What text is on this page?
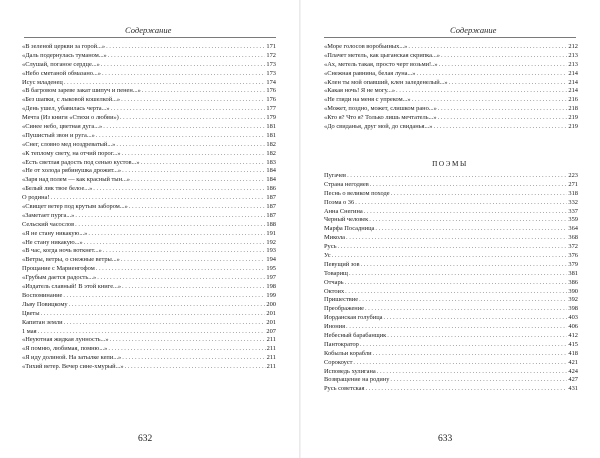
Содержание
«В зеленой церкви за горой...» . . .	171
«Даль подернулась туманом...» . . .	172
«Слушай, поганое сердце...» . . .	173
«Небо сметаной обмазано...» . . .	173
Исус младенец . . .	174
«В багровом зареве закат шипуч и пенен...» . . .	176
«Без шапки, с лыковой кошелкой...» . . .	176
«День ушел, убавилась черта...» . . .	177
Мечта (Из книги «Стихи о любви») . . .	179
«Синее небо, цветная дуга...» . . .	181
«Пушистый звон и руга...» . . .	181
«Снег, словно мед ноздреватый...» . . .	182
«К теплому свету, на отчий порог...» . . .	182
«Есть светлая радость под сенью кустов...» . . .	183
«Не от холода рябинушка дрожит...» . . .	184
«Заря над полем — как красный тын...» . . .	184
«Белый лик твое белое...» . . .	186
О родина! . . .	187
«Свищет ветер под крутым забором...» . . .	187
«Заметает пурга...» . . .	187
Сельский часослов . . .	188
«Я не стану никакую...» . . .	191
«Не стану никакую...» . . .	192
«В час, когда ночь воткнет...» . . .	193
«Ветры, ветры, о снежные ветры...» . . .	194
Прощание с Мариенгофом . . .	195
«Грубым дается радость...» . . .	197
«Издатель славный! В этой книге...» . . .	198
Воспоминание . . .	199
Льву Повицкому . . .	200
Цветы . . .	201
Капитан земли . . .	201
1 мая . . .	207
«Неуютная жидкая лунность...» . . .	211
«Я помню, любимая, помню...» . . .	211
«Я иду долиной. На затылке кепи...» . . .	211
«Тихий ветер. Вечер сине-хмурый...» . . .	211
632
Содержание
«Море голосов воробьиных...» . . .	212
«Плачет метель, как цыганская скрипка...» . . .	213
«Ах, метель такая, просто черт возьми!..» . . .	213
«Снежная равнина, белая луна...» . . .	214
«Клен ты мой опавший, клен заледенелый...» . . .	214
«Какая ночь! Я не могу...» . . .	214
«Не гляди на меня с упреком...» . . .	216
«Может, поздно, может, слишком рано...» . . .	218
«Кто я? Что я? Только лишь мечтатель...» . . .	219
«До свиданья, друг мой, до свиданья...» . . .	219
ПОЭМЫ
Пугачев . . .	223
Страна негодяев . . .	271
Песнь о великом походе . . .	318
Поэма о 36 . . .	332
Анна Снегина . . .	337
Черный человек . . .	359
Марфа Посадница . . .	364
Миколa . . .	368
Русь . . .	372
Ус . . .	376
Певущий зов . . .	379
Товарищ . . .	381
Отчарь . . .	386
Октоих . . .	390
Пришествие . . .	392
Преображение . . .	398
Иорданская голубица . . .	403
Инония . . .	406
Небесный барабанщик . . .	412
Пантократор . . .	415
Кобыльи корабли . . .	418
Сорокоуст . . .	421
Исповедь хулигана . . .	424
Возвращение на родину . . .	427
Русь советская . . .	431
633
